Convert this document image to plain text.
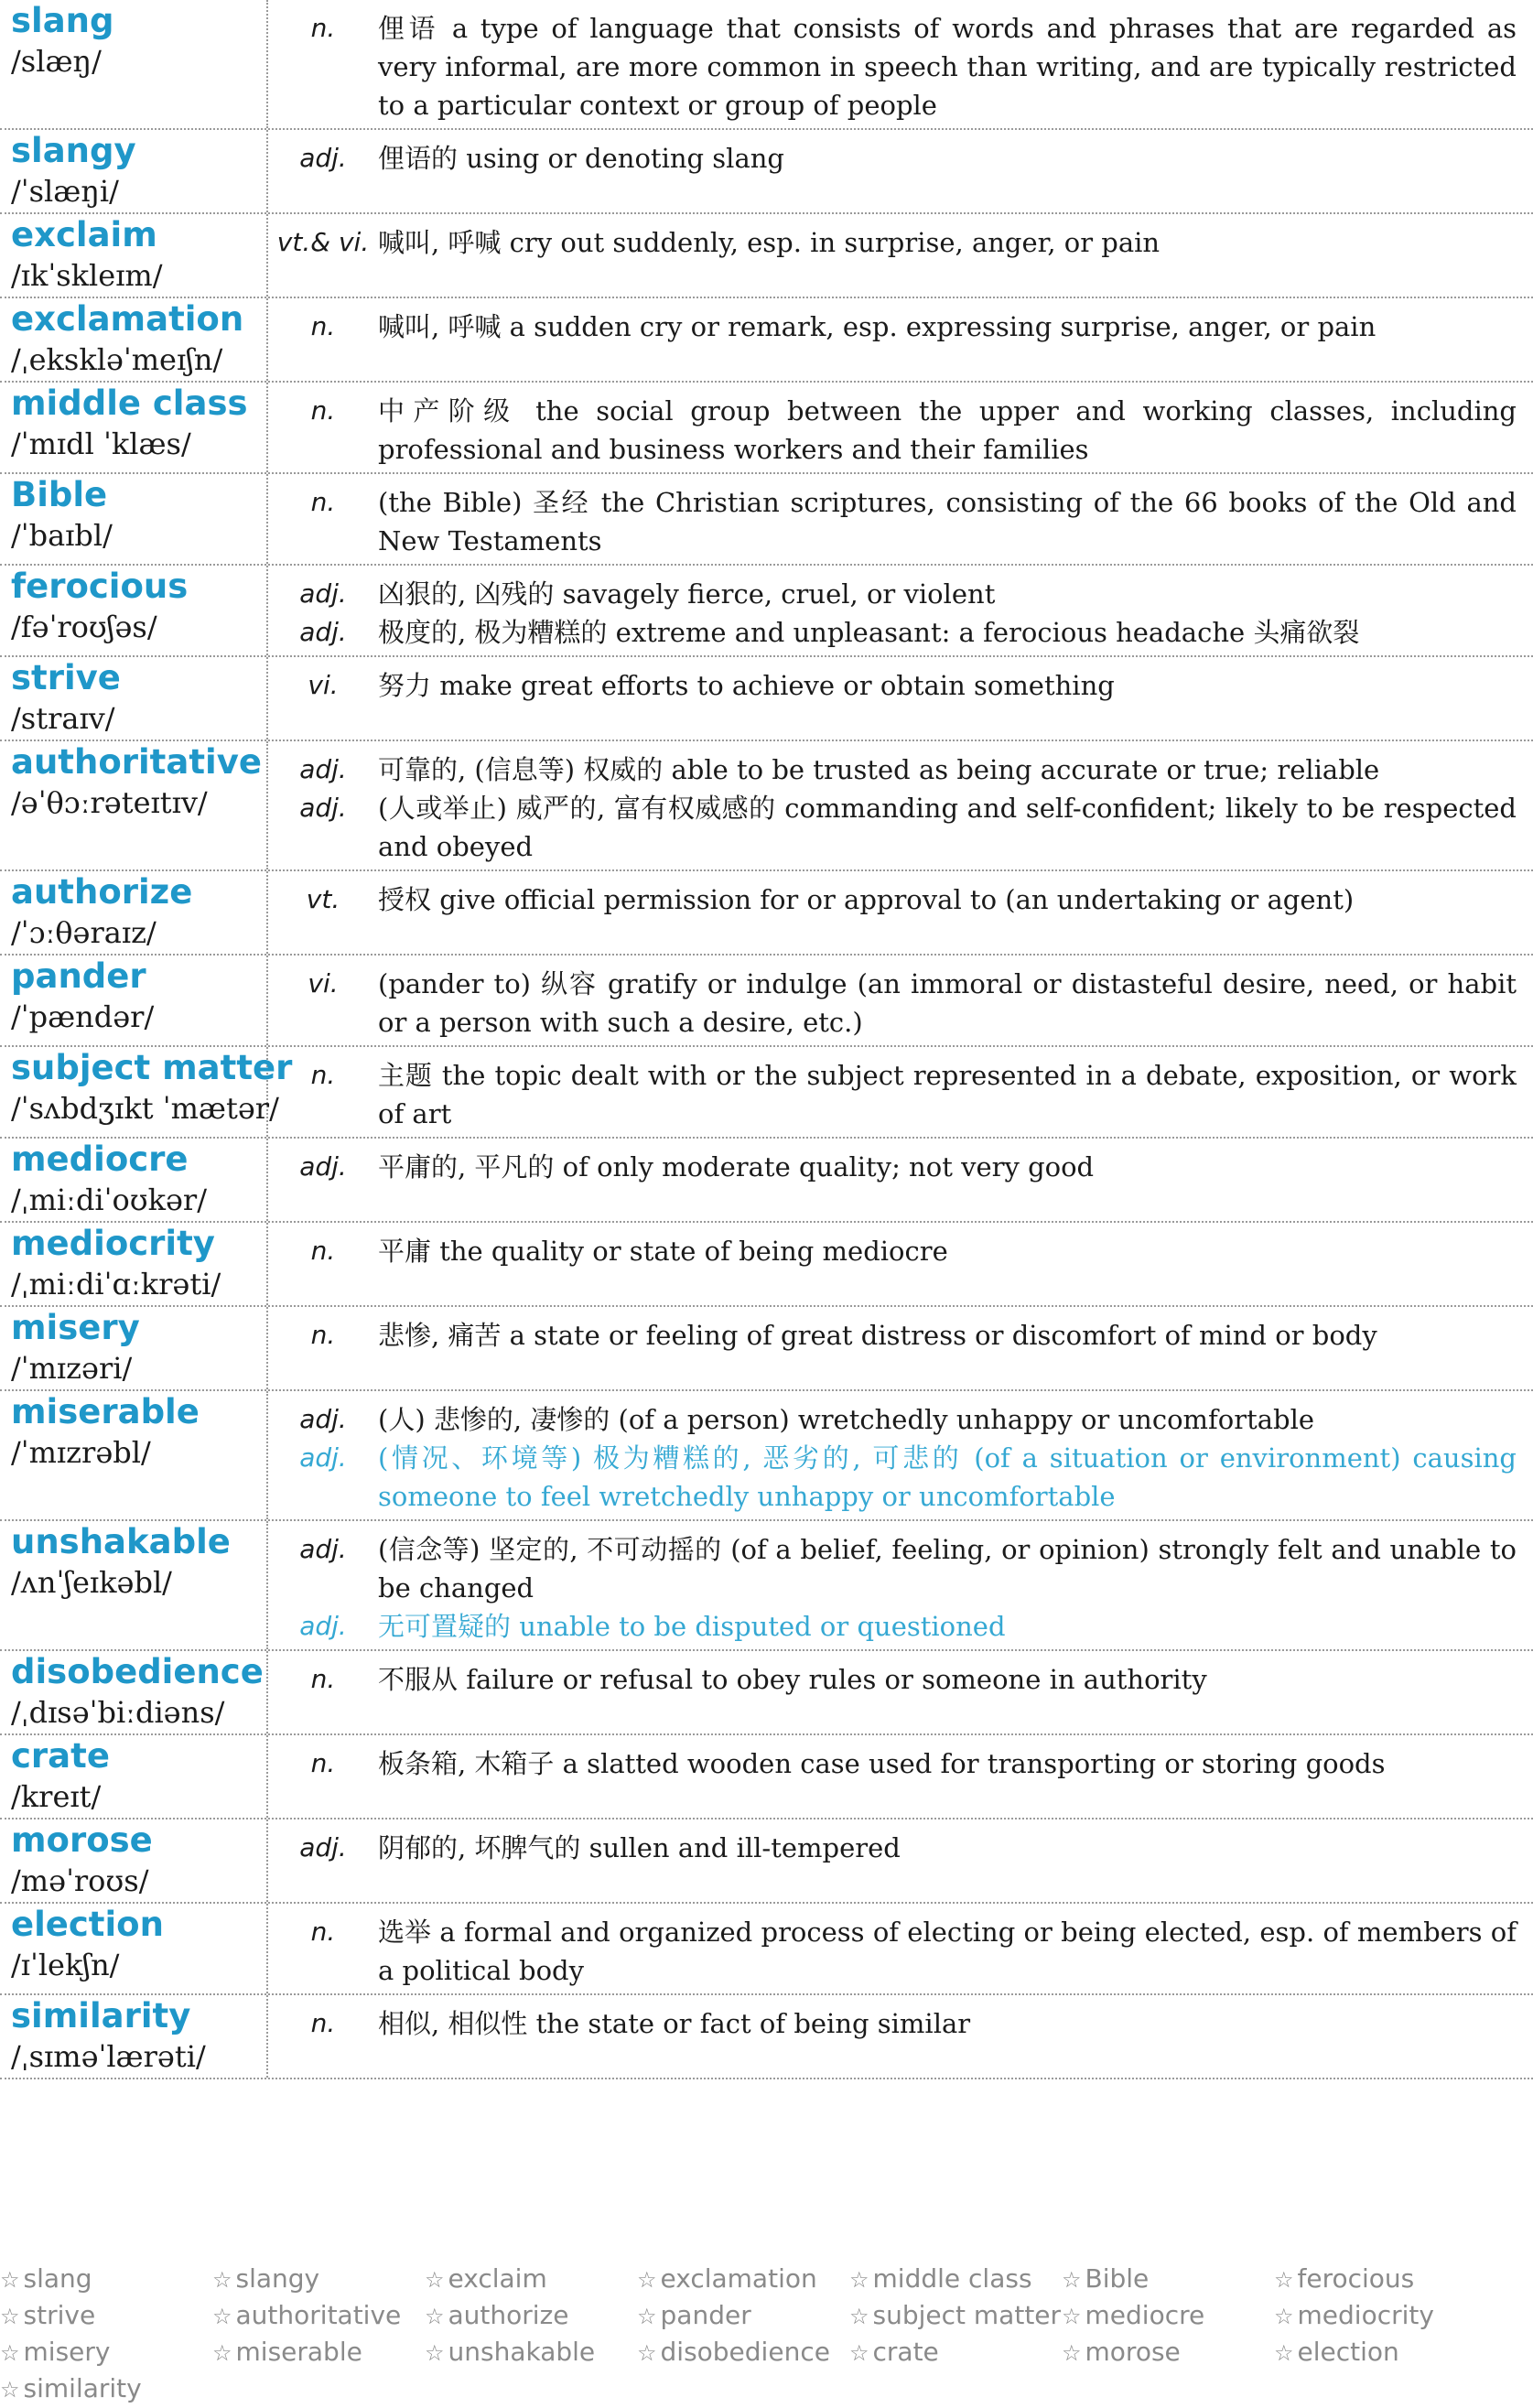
slang
/slæŋ/
n.	俚语 a type of language that consists of words and phrases that are regarded as very informal, are more common in speech than writing, and are typically restricted to a particular context or group of people
slangy
/ˈslæŋi/
adj.	俚语的 using or denoting slang
exclaim
/ɪkˈskleɪm/
vt.& vi. 喊叫, 呼喊 cry out suddenly, esp. in surprise, anger, or pain
exclamation
/ˌekskləˈmeɪʃn/
n.	喊叫, 呼喊 a sudden cry or remark, esp. expressing surprise, anger, or pain
middle class
/ˈmɪdl ˈklæs/
n.	中产阶级 the social group between the upper and working classes, including professional and business workers and their families
Bible
/ˈbaɪbl/
n.	(the Bible) 圣经 the Christian scriptures, consisting of the 66 books of the Old and New Testaments
ferocious
/fəˈroʊʃəs/
adj.	凶狠的, 凶残的 savagely fierce, cruel, or violent
adj.	极度的, 极为糟糕的 extreme and unpleasant: a ferocious headache 头痛欲裂
strive
/straɪv/
vi.	努力 make great efforts to achieve or obtain something
authoritative
/əˈθɔːrəteɪtɪv/
adj.	可靠的, (信息等) 权威的 able to be trusted as being accurate or true; reliable
adj.	(人或举止) 威严的, 富有权威感的 commanding and self-confident; likely to be respected and obeyed
authorize
/ˈɔːθəraɪz/
vt.	授权 give official permission for or approval to (an undertaking or agent)
pander
/ˈpændər/
vi.	(pander to) 纵容 gratify or indulge (an immoral or distasteful desire, need, or habit or a person with such a desire, etc.)
subject matter
/ˈsʌbdʒɪkt ˈmætər/
n.	主题 the topic dealt with or the subject represented in a debate, exposition, or work of art
mediocre
/ˌmiːdiˈoʊkər/
adj.	平庸的, 平凡的 of only moderate quality; not very good
mediocrity
/ˌmiːdiˈɑːkrəti/
n.	平庸 the quality or state of being mediocre
misery
/ˈmɪzəri/
n.	悲惨, 痛苦 a state or feeling of great distress or discomfort of mind or body
miserable
/ˈmɪzrəbl/
adj.	(人) 悲惨的, 凄惨的 (of a person) wretchedly unhappy or uncomfortable
adj.	(情况、环境等) 极为糟糕的, 恶劣的, 可悲的 (of a situation or environment) causing someone to feel wretchedly unhappy or uncomfortable
unshakable
/ʌnˈʃeɪkəbl/
adj.	(信念等) 坚定的, 不可动摇的 (of a belief, feeling, or opinion) strongly felt and unable to be changed
adj.	无可置疑的 unable to be disputed or questioned
disobedience
/ˌdɪsəˈbiːdiəns/
n.	不服从 failure or refusal to obey rules or someone in authority
crate
/kreɪt/
n.	板条箱, 木箱子 a slatted wooden case used for transporting or storing goods
morose
/məˈroʊs/
adj.	阴郁的, 坏脾气的 sullen and ill-tempered
election
/ɪˈlekʃn/
n.	选举 a formal and organized process of electing or being elected, esp. of members of a political body
similarity
/ˌsɪməˈlærəti/
n.	相似, 相似性 the state or fact of being similar
☆ slang	☆ slangy	☆ exclaim	☆ exclamation	☆ middle class	☆ Bible	☆ ferocious
☆ strive	☆ authoritative	☆ authorize	☆ pander	☆ subject matter ☆ mediocre	☆ mediocrity
☆ misery	☆ miserable	☆ unshakable	☆ disobedience ☆ crate	☆ morose	☆ election
☆ similarity
